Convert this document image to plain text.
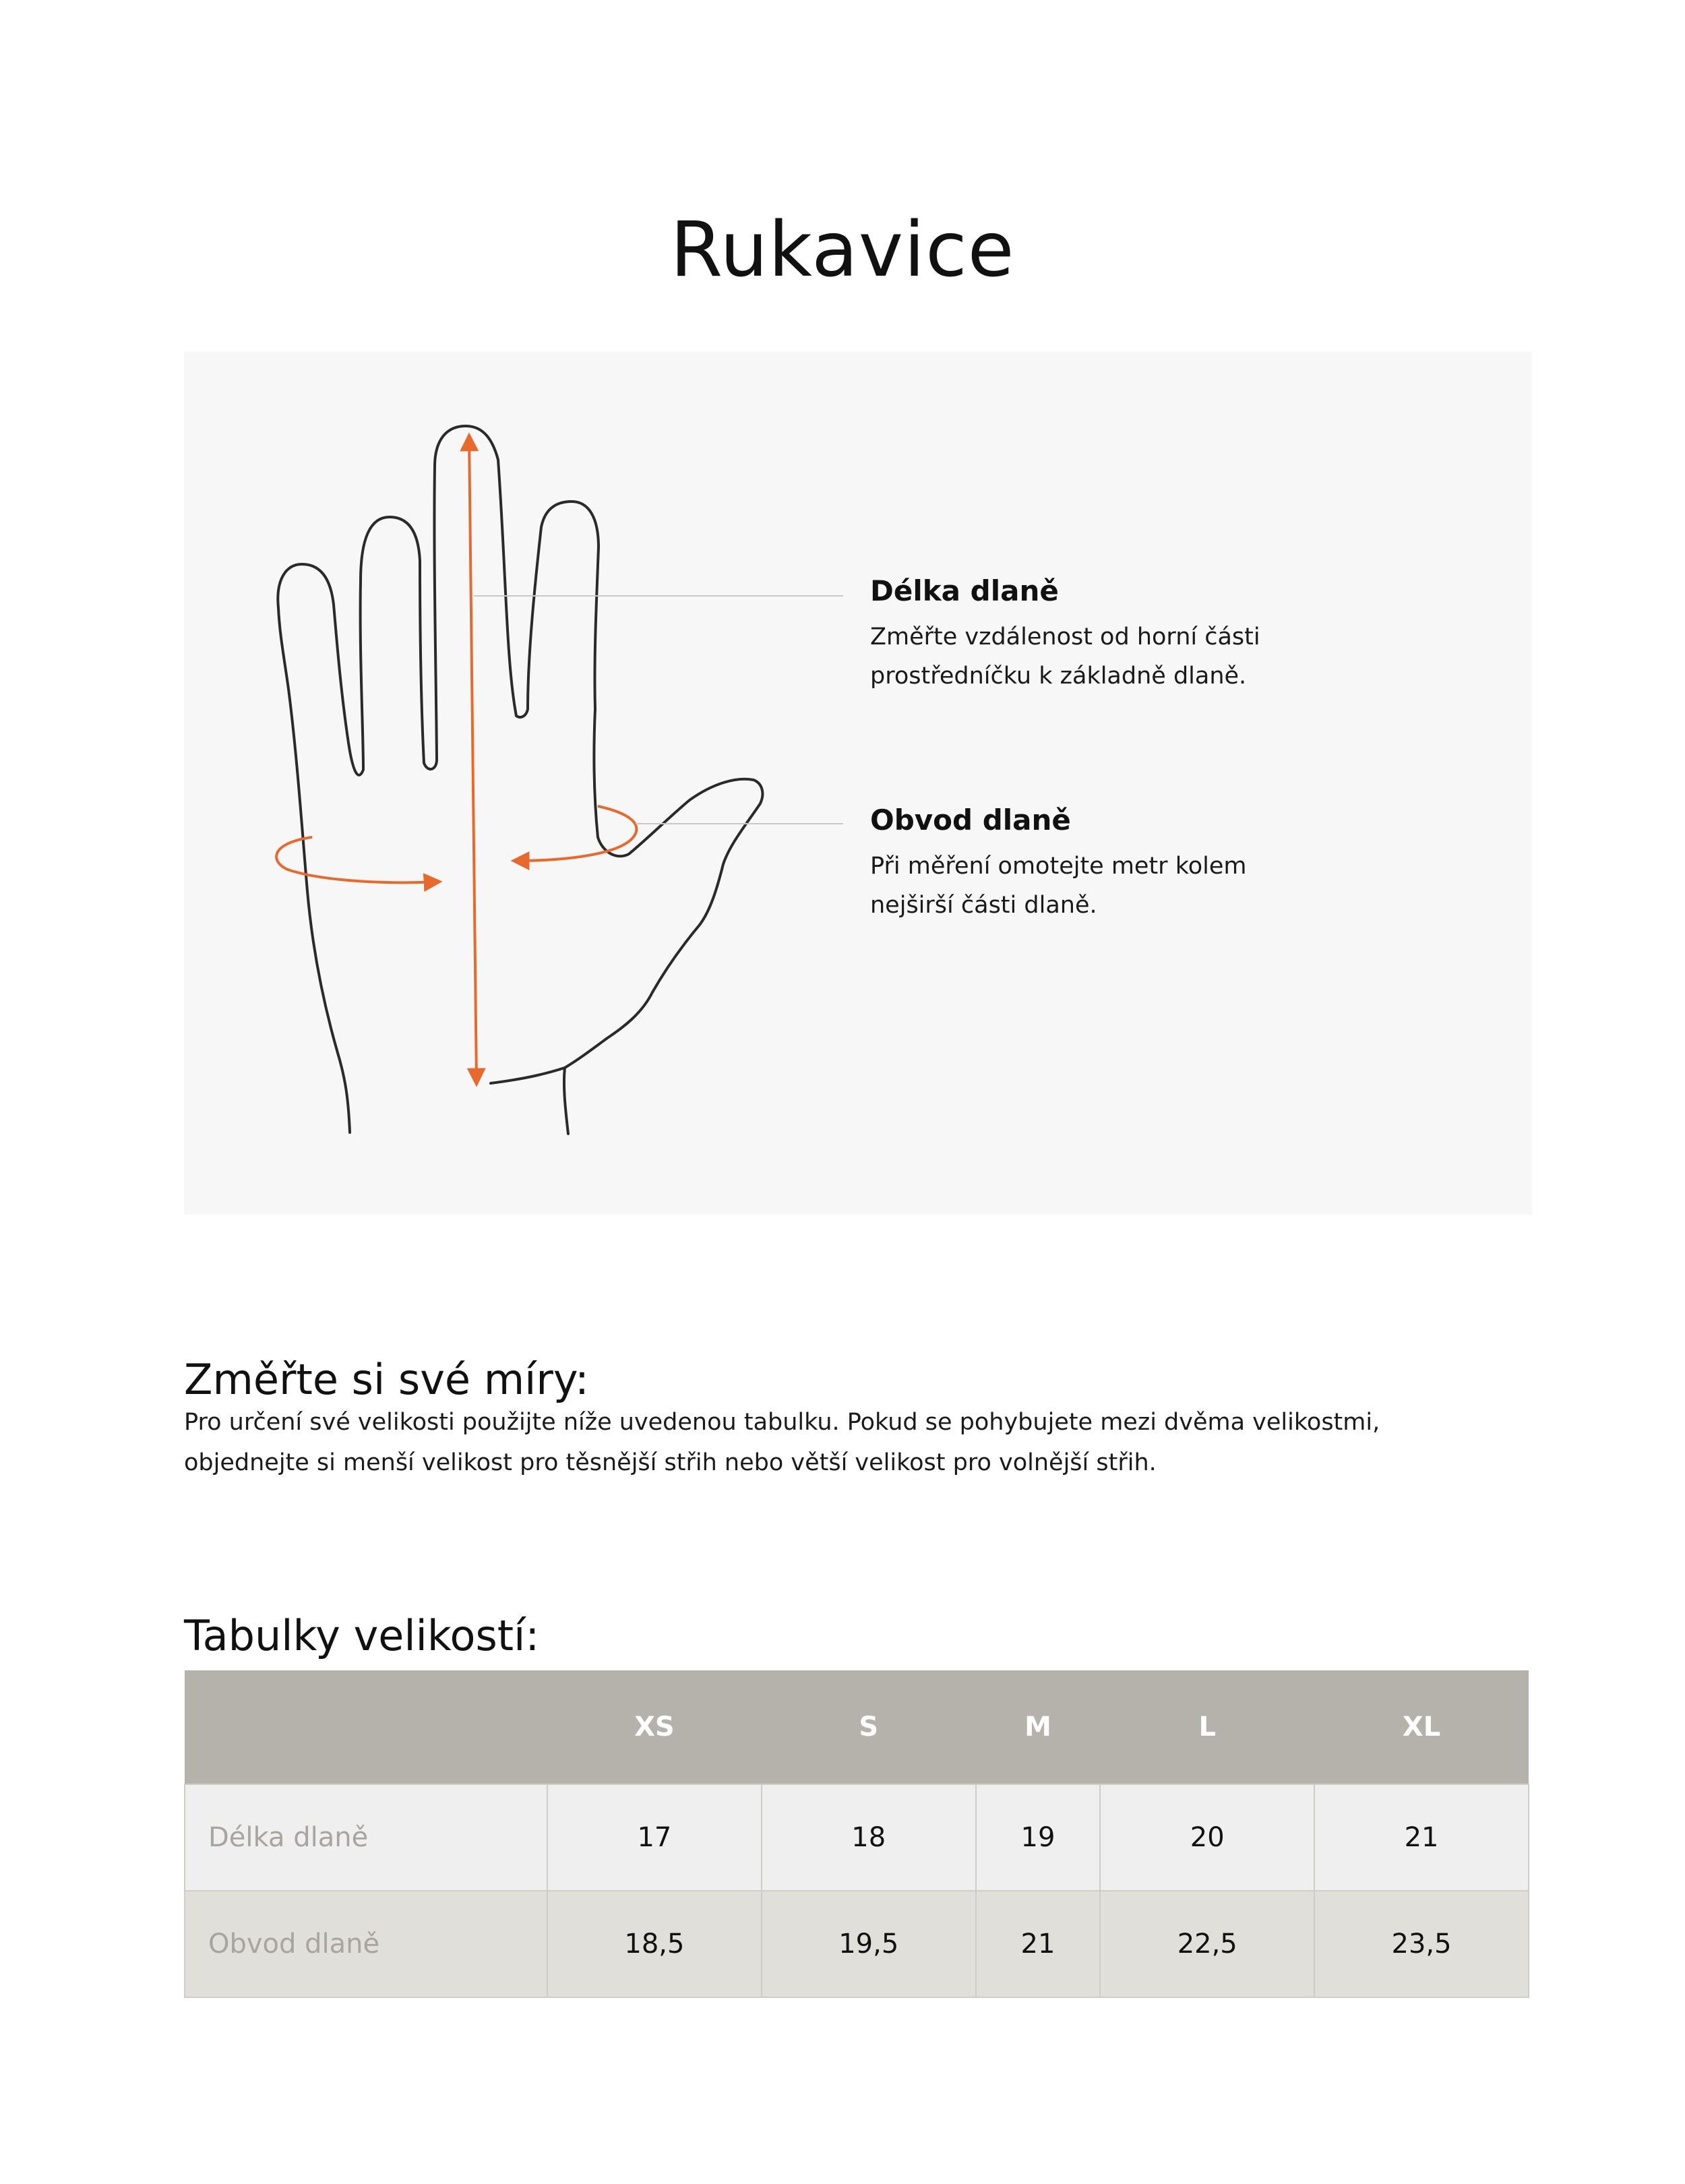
Rukavice
Délka dlaně

Změřte vzdálenost od horní části

prostředníčku k základně dlaně.

Obvod dlaně

Při měření omotejte metr kolem

nejširší části dlaně.

Změřte si své míry:
Pro určení své velikosti použijte níže uvedenou tabulku. Pokud se pohybujete mezi dvěma velikostmi,
objednejte si menší velikost pro těsnější střih nebo větší velikost pro volnější střih.
Tabulky velikostí:
	XS	S	M	L	XL
Délka dlaně	17	18	19	20	21
Obvod dlaně	18,5	19,5	21	22,5	23,5
